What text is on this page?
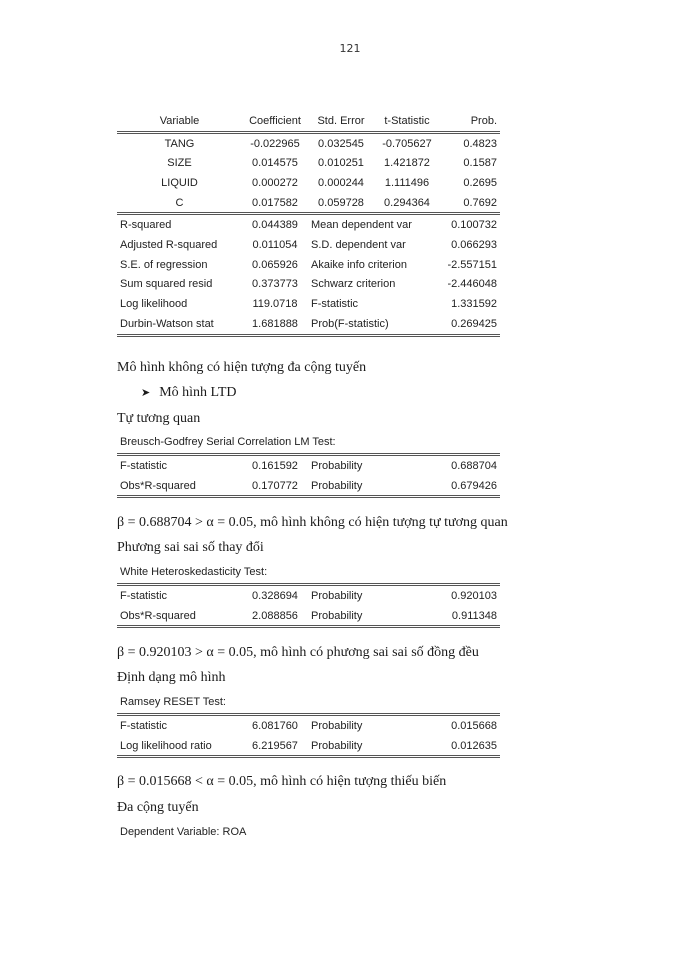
121
Variable	Coefficient	Std. Error	t-Statistic	Prob.
TANG	-0.022965	0.032545	-0.705627	0.4823
SIZE	0.014575	0.010251	1.421872	0.1587
LIQUID	0.000272	0.000244	1.111496	0.2695
C	0.017582	0.059728	0.294364	0.7692
R-squared	0.044389	Mean dependent var		0.100732
Adjusted R-squared	0.011054	S.D. dependent var		0.066293
S.E. of regression	0.065926	Akaike info criterion		-2.557151
Sum squared resid	0.373773	Schwarz criterion		-2.446048
Log likelihood	119.0718	F-statistic		1.331592
Durbin-Watson stat	1.681888	Prob(F-statistic)		0.269425
Mô hình không có hiện tượng đa cộng tuyến
➤ Mô hình LTD
Tự tương quan
Breusch-Godfrey Serial Correlation LM Test:
F-statistic	0.161592	Probability	0.688704
Obs*R-squared	0.170772	Probability	0.679426
β = 0.688704 > α = 0.05, mô hình không có hiện tượng tự tương quan
Phương sai sai số thay đổi
White Heteroskedasticity Test:
F-statistic	0.328694	Probability	0.920103
Obs*R-squared	2.088856	Probability	0.911348
β = 0.920103 > α = 0.05, mô hình có phương sai sai số đồng đều
Định dạng mô hình
Ramsey RESET Test:
F-statistic	6.081760	Probability	0.015668
Log likelihood ratio	6.219567	Probability	0.012635
β = 0.015668 < α = 0.05, mô hình có hiện tượng thiếu biến
Đa cộng tuyến
Dependent Variable: ROA
